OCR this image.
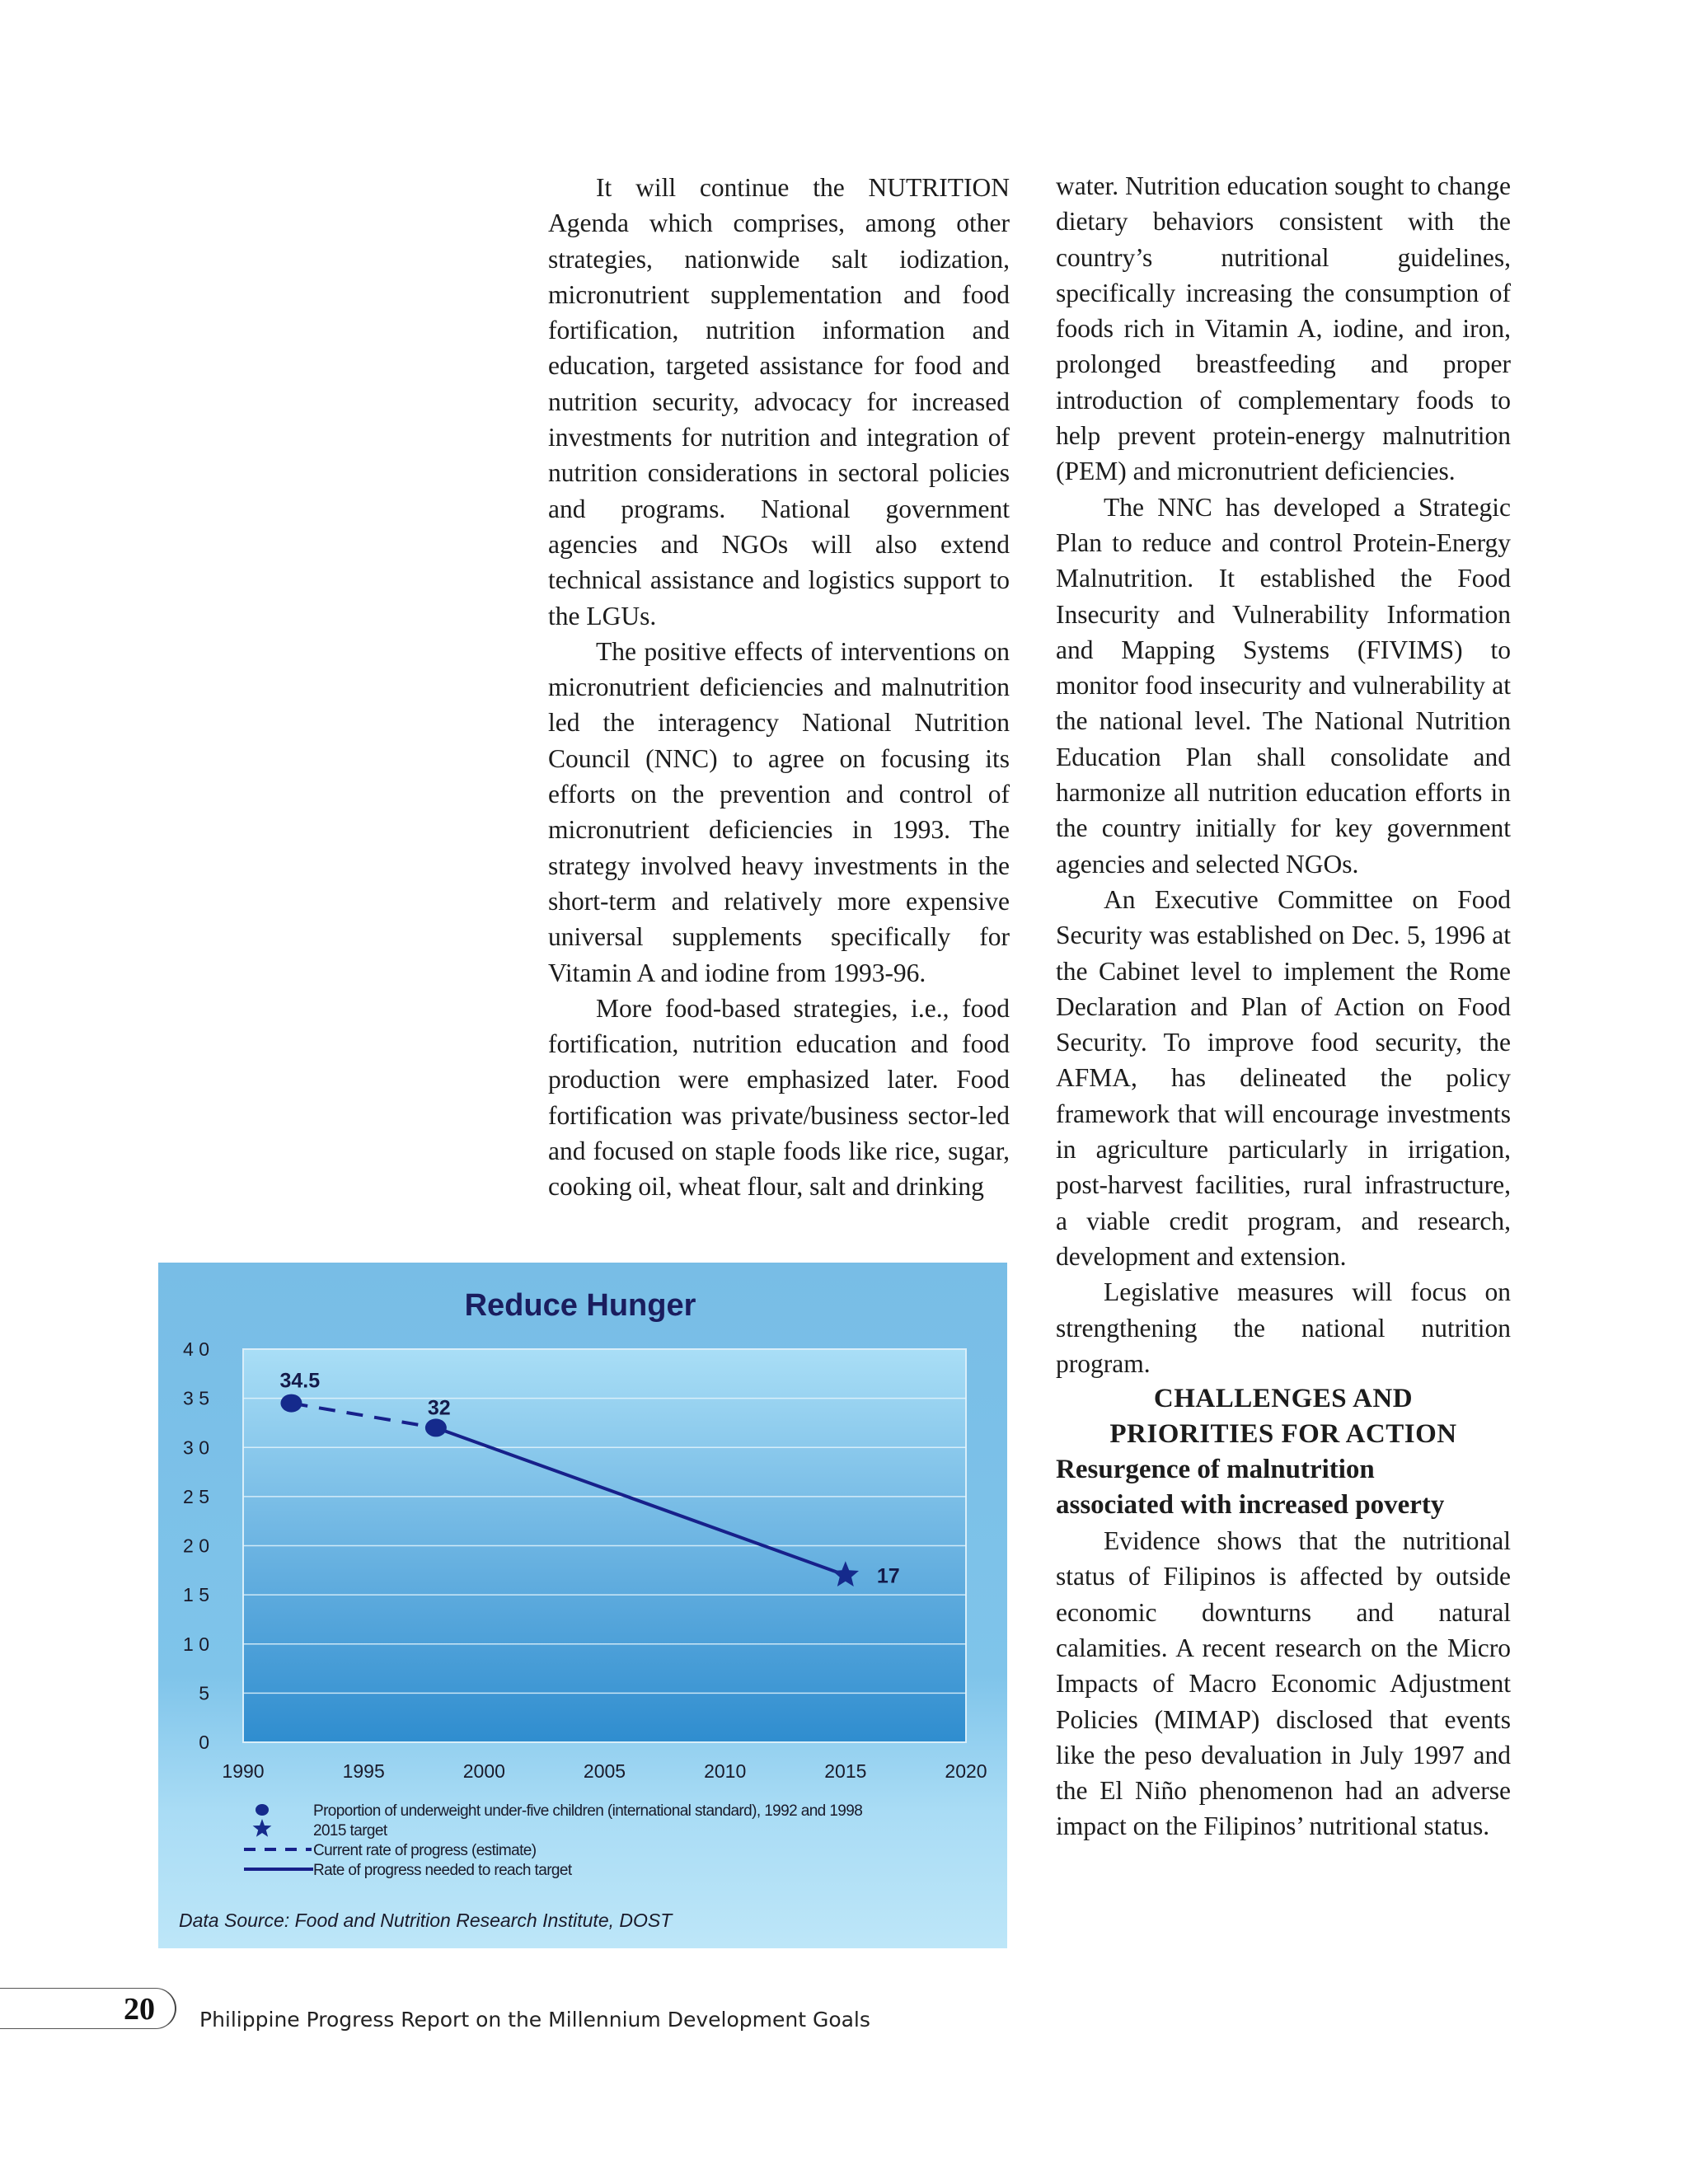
It will continue the NUTRITION Agenda which comprises, among other strategies, nationwide salt iodization, micronutrient supplementation and food fortification, nutrition information and education, targeted assistance for food and nutrition security, advocacy for increased investments for nutrition and integration of nutrition considerations in sectoral policies and programs. National government agencies and NGOs will also extend technical assistance and logistics support to the LGUs.

The positive effects of interventions on micronutrient deficiencies and malnutrition led the interagency National Nutrition Council (NNC) to agree on focusing its efforts on the prevention and control of micronutrient deficiencies in 1993. The strategy involved heavy investments in the short-term and relatively more expensive universal supplements specifically for Vitamin A and iodine from 1993-96.

More food-based strategies, i.e., food fortification, nutrition education and food production were emphasized later. Food fortification was private/business sector-led and focused on staple foods like rice, sugar, cooking oil, wheat flour, salt and drinking

water. Nutrition education sought to change dietary behaviors consistent with the country’s nutritional guidelines, specifically increasing the consumption of foods rich in Vitamin A, iodine, and iron, prolonged breastfeeding and proper introduction of complementary foods to help prevent protein-energy malnutrition (PEM) and micronutrient deficiencies.

The NNC has developed a Strategic Plan to reduce and control Protein-Energy Malnutrition. It established the Food Insecurity and Vulnerability Information and Mapping Systems (FIVIMS) to monitor food insecurity and vulnerability at the national level. The National Nutrition Education Plan shall consolidate and harmonize all nutrition education efforts in the country initially for key government agencies and selected NGOs.

An Executive Committee on Food Security was established on Dec. 5, 1996 at the Cabinet level to implement the Rome Declaration and Plan of Action on Food Security. To improve food security, the AFMA, has delineated the policy framework that will encourage investments in agriculture particularly in irrigation, post-harvest facilities, rural infrastructure, a viable credit program, and research, development and extension.

Legislative measures will focus on strengthening the national nutrition program.

CHALLENGES AND
PRIORITIES FOR ACTION

Resurgence of malnutrition
associated with increased poverty

Evidence shows that the nutritional status of Filipinos is affected by outside economic downturns and natural calamities. A recent research on the Micro Impacts of Macro Economic Adjustment Policies (MIMAP) disclosed that events like the peso devaluation in July 1997 and the El Niño phenomenon had an adverse impact on the Filipinos’ nutritional status.

Reduce Hunger
0
5
1 0
1 5
2 0
2 5
3 0
3 5
4 0
1990	1995	2000	2005	2010	2015	2020
34.5
32
17
Proportion of underweight under-five children (international standard), 1992 and 1998
2015 target
Current rate of progress (estimate)
Rate of progress needed to reach target
Data Source: Food and Nutrition Research Institute, DOST
20 Philippine Progress Report on the Millennium Development Goals
